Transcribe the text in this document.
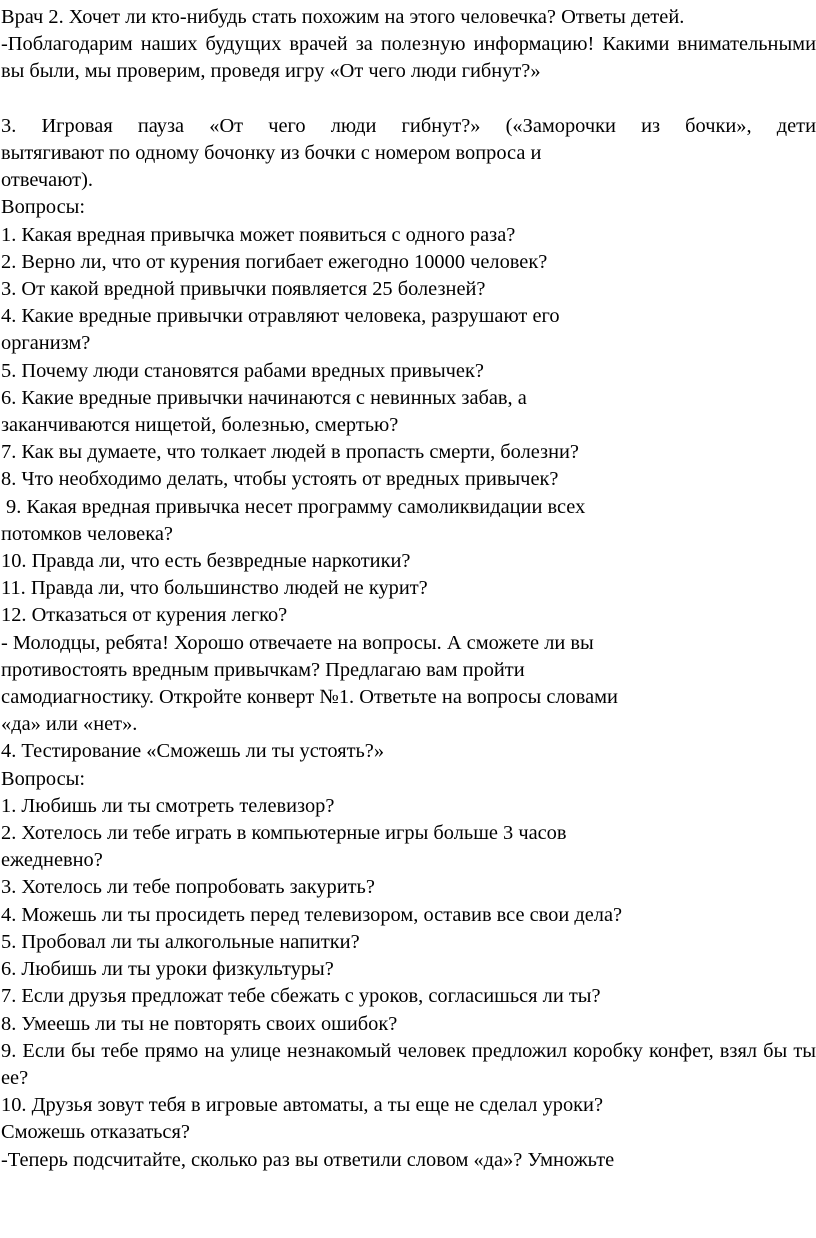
Врач 2. Хочет ли кто-нибудь стать похожим на этого человечка? Ответы детей.

-Поблагодарим наших будущих врачей за полезную информацию! Какими внимательными вы были, мы проверим, проведя игру «От чего люди гибнут?»

3. Игровая пауза «От чего люди гибнут?» («Заморочки из бочки», дети

вытягивают по одному бочонку из бочки с номером вопроса и

отвечают).

Вопросы:

1. Какая вредная привычка может появиться с одного раза?

2. Верно ли, что от курения погибает ежегодно 10000 человек?

3. От какой вредной привычки появляется 25 болезней?

4. Какие вредные привычки отравляют человека, разрушают его

организм?

5. Почему люди становятся рабами вредных привычек?

6. Какие вредные привычки начинаются с невинных забав, а

заканчиваются нищетой, болезнью, смертью?

7. Как вы думаете, что толкает людей в пропасть смерти, болезни?

8. Что необходимо делать, чтобы устоять от вредных привычек?

9. Какая вредная привычка несет программу самоликвидации всех

потомков человека?

10. Правда ли, что есть безвредные наркотики?

11. Правда ли, что большинство людей не курит?

12. Отказаться от курения легко?

- Молодцы, ребята! Хорошо отвечаете на вопросы. А сможете ли вы

противостоять вредным привычкам? Предлагаю вам пройти

самодиагностику. Откройте конверт №1. Ответьте на вопросы словами

«да» или «нет».

4. Тестирование «Сможешь ли ты устоять?»

Вопросы:

1. Любишь ли ты смотреть телевизор?

2. Хотелось ли тебе играть в компьютерные игры больше 3 часов

ежедневно?

3. Хотелось ли тебе попробовать закурить?

4. Можешь ли ты просидеть перед телевизором, оставив все свои дела?

5. Пробовал ли ты алкогольные напитки?

6. Любишь ли ты уроки физкультуры?

7. Если друзья предложат тебе сбежать с уроков, согласишься ли ты?

8. Умеешь ли ты не повторять своих ошибок?

9. Если бы тебе прямо на улице незнакомый человек предложил коробку конфет, взял бы ты ее?

10. Друзья зовут тебя в игровые автоматы, а ты еще не сделал уроки?

Сможешь отказаться?

-Теперь подсчитайте, сколько раз вы ответили словом «да»? Умножьте
